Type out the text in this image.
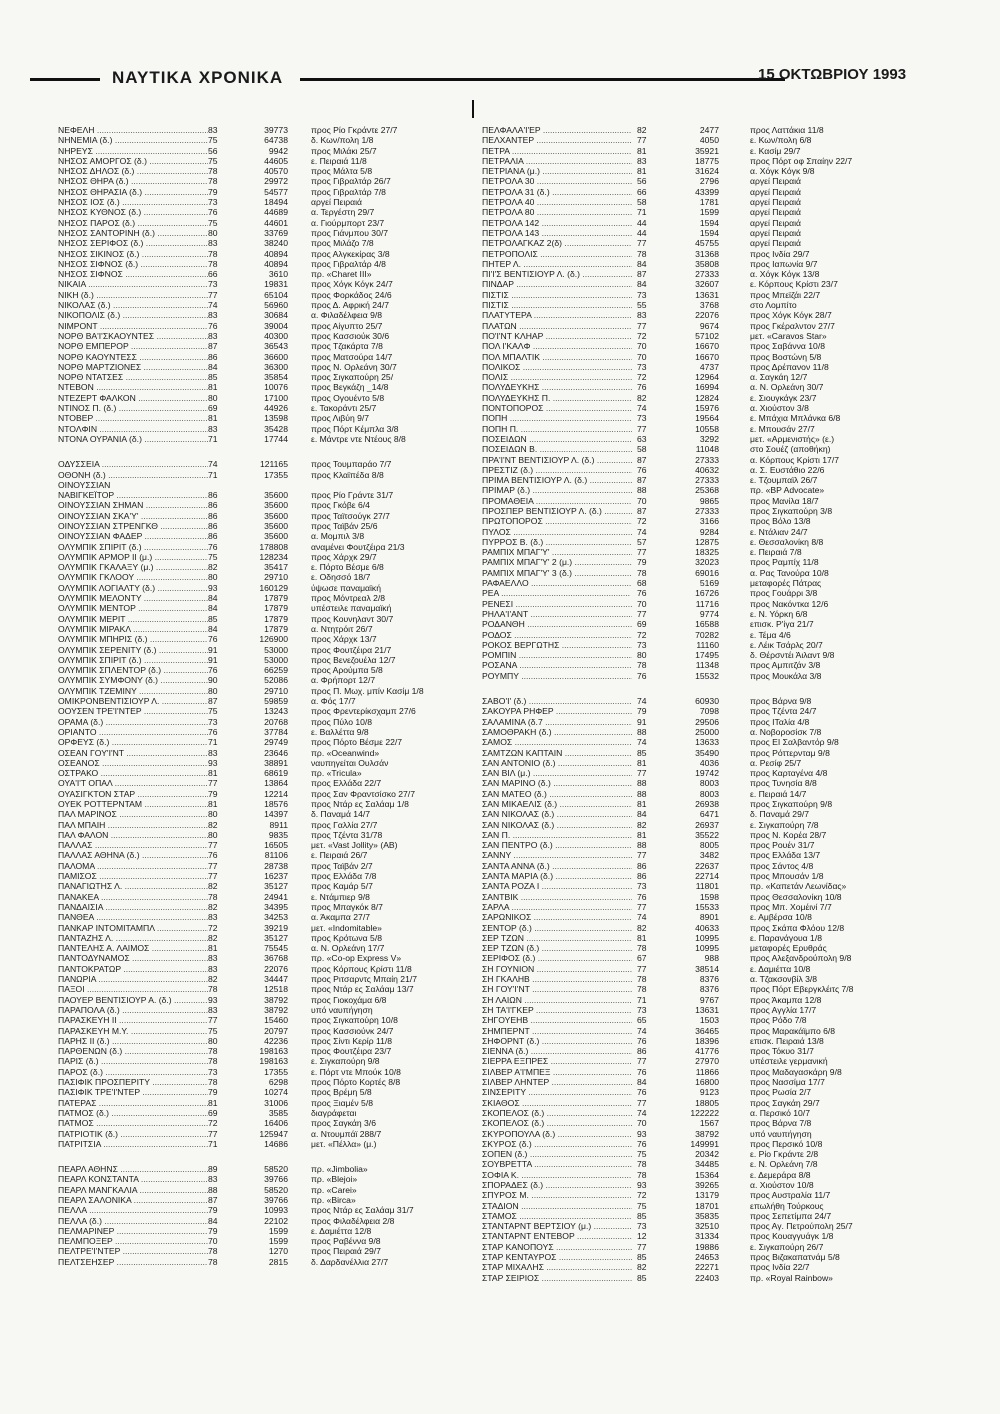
ΝΑΥΤΙΚΑ ΧΡΟΝΙΚΑ	15 ΟΚΤΩΒΡΙΟΥ 1993
ΝΕΦΕΛΗ .....	83	39773	προς Ρίο Γκράντε 27/7
ΝΗΝΕΜΙΑ (δ.) .....	75	64738	δ. Κων/πολη 1/8
ΝΗΡΕΥΣ .....	56	9942	προς Μιλάκι 25/7
ΝΗΣΟΣ ΑΜΟΡΓΟΣ (δ.) .....	75	44605	ε. Πειραιά 11/8
ΝΗΣΟΣ ΔΗΛΟΣ (δ.) .....	78	40570	προς Μάλτα 5/8
ΝΗΣΟΣ ΘΗΡΑ (δ.) .....	78	29972	προς Γιβραλτάρ 26/7
ΝΗΣΟΣ ΘΗΡΑΣΙΑ (δ.) .....	79	54577	προς Γιβραλτάρ 7/8
ΝΗΣΟΣ ΙΟΣ (δ.) .....	73	18494	αργεί Πειραιά
ΝΗΣΟΣ ΚΥΘΝΟΣ (δ.) .....	76	44689	α. Τεργέστη 29/7
ΝΗΣΟΣ ΠΑΡΟΣ (δ.) .....	75	44601	α. Γιούρμπορτ 23/7
ΝΗΣΟΣ ΣΑΝΤΟΡΙΝΗ (δ.) .....	80	33769	προς Γιάνμπου 30/7
ΝΗΣΟΣ ΣΕΡΙΦΟΣ (δ.) .....	83	38240	προς Μιλάζο 7/8
ΝΗΣΟΣ ΣΙΚΙΝΟΣ (δ.) .....	78	40894	προς Αλγκεκίρας 3/8
ΝΗΣΟΣ ΣΙΦΝΟΣ (δ.) .....	78	40894	προς Γιβραλτάρ 4/8
ΝΗΣΟΣ ΣΙΦΝΟΣ .....	66	3610	πρ. «Charet III»
ΝΙΚΑΙΑ .....	73	19831	προς Χόγκ Κόγκ 24/7
ΝΙΚΗ (δ.) .....	77	65104	προς Φορκάδος 24/6
ΝΙΚΟΛΑΣ (δ.) .....	74	56960	προς Δ. Αφρική 24/7
ΝΙΚΟΠΟΛΙΣ (δ.) .....	83	30684	α. Φιλαδέλφεια 9/8
ΝΙΜΡΟΝΤ .....	76	39004	προς Αίγυπτο 25/7
ΝΟΡΘ ΒΑ'Ι'ΣΚΑΟΥΝΤΕΣ .....	83	40300	προς Κασσιούκ 30/6
ΝΟΡΘ ΕΜΠΕΡΟΡ .....	87	36543	προς Τζακάρτα 7/8
ΝΟΡΘ ΚΑΟΥΝΤΕΣΣ .....	86	36600	προς Ματσούρα 14/7
ΝΟΡΘ ΜΑΡΤΖΙΟΝΕΣ .....	84	36300	προς Ν. Ορλεάνη 30/7
ΝΟΡΘ ΝΤΑΤΣΕΣ .....	85	35854	προς Σιγκαπούρη 25/
ΝΤΕΒΟΝ .....	81	10076	προς Βεγκάζη _14/8
ΝΤΕΖΕΡΤ ΦΑΛΚΟΝ .....	80	17100	προς Ογουέντο 5/8
ΝΤΙΝΟΣ Π. (δ.) .....	69	44926	ε. Τακοράντι 25/7
ΝΤΟΒΕΡ .....	81	13598	προς Λιβύη 9/7
ΝΤΟΛΦΙΝ .....	83	35428	προς Πόρτ Κέμπλα 3/8
ΝΤΟΝΑ ΟΥΡΑΝΙΑ (δ.) .....	71	17744	ε. Μάντρε ντε Ντέους 8/8
ΟΔΥΣΣΕΙΑ .....	74	121165	προς Τουμπαράο 7/7
ΟΘΟΝΗ (δ.) .....	71	17355	προς Κλαϊπέδα 8/8
ΟΙΝΟΥΣΣΙΑΝ
ΝΑΒΙΓΚΕΪΤΟΡ .....	86	35600	προς Ρίο Γράντε 31/7
ΟΙΝΟΥΣΣΙΑΝ ΣΗΜΑΝ .....	86	35600	προς Γκόβε 6/4
ΟΙΝΟΥΣΣΙΑΝ ΣΚΑ'Υ' .....	86	35600	προς Ταϊτσούγκ 27/7
ΟΙΝΟΥΣΣΙΑΝ ΣΤΡΕΝΓΚΘ .....	86	35600	προς Ταϊβάν 25/6
ΟΙΝΟΥΣΣΙΑΝ ΦΑΔΕΡ .....	86	35600	α. Μομπιλ 3/8
ΟΛΥΜΠΙΚ ΣΠΙΡΙΤ (δ.) .....	76	178808	αναμένει Φουτζέιρα 21/3
ΟΛΥΜΠΙΚ ΑΡΜΟΡ ΙΙ (μ.) .....	75	128234	προς Χάρχκ 29/7
ΟΛΥΜΠΙΚ ΓΚΑΛΑΞΥ (μ.) .....	82	35417	ε. Πόρτο Βέσμε 6/8
ΟΛΥΜΠΙΚ ΓΚΛΟΟΥ .....	80	29710	ε. Οδησσό 18/7
ΟΛΥΜΠΙΚ ΛΟΓΙΑΛΤΥ (δ.) .....	93	160129	ύψωσε παναμαϊκή
ΟΛΥΜΠΙΚ ΜΕΛΟΝΤΥ .....	84	17879	προς Μόντρεαλ 2/8
ΟΛΥΜΠΙΚ ΜΕΝΤΟΡ .....	84	17879	υπέστειλε παναμαϊκή
ΟΛΥΜΠΙΚ ΜΕΡΙΤ .....	85	17879	προς Κουνηλαντ 30/7
ΟΛΥΜΠΙΚ ΜΙΡΑΚΛ .....	84	17879	α. Ντητρόιτ 26/7
ΟΛΥΜΠΙΚ ΜΠΗΡΙΣ (δ.) .....	76	126900	προς Χάρχκ 13/7
ΟΛΥΜΠΙΚ ΣΕΡΕΝΙΤΥ (δ.) .....	91	53000	προς Φουτζέιρα 21/7
ΟΛΥΜΠΙΚ ΣΠΙΡΙΤ (δ.) .....	91	53000	προς Βενεζουέλα 12/7
ΟΛΥΜΠΙΚ ΣΠΛΕΝΤΟΡ (δ.) .....	76	66259	προς Αρούμπα 5/8
ΟΛΥΜΠΙΚ ΣΥΜΦΟΝΥ (δ.) .....	90	52086	α. Φρήπορτ 12/7
ΟΛΥΜΠΙΚ ΤΖΕΜΙΝΥ .....	80	29710	προς Π. Μωχ. μπίν Κασίμ 1/8
ΟΜΙΚΡΟΝΒΕΝΤΙΣΙΟΥΡ Λ. .....	87	59859	α. Φός 17/7
ΟΟΥΣΕΝ ΤΡΕ'Ι'ΝΤΕΡ .....	75	13243	προς Φρεντερίκσχαμπ 27/6
ΟΡΑΜΑ (δ.) .....	73	20768	προς Πύλο 10/8
ΟΡΙΑΝΤΟ .....	76	37784	ε. Βαλλέττα 9/8
ΟΡΦΕΥΣ (δ.) .....	71	29749	προς Πόρτο Βέσμε 22/7
ΟΣΕΑΝ ΓΟΥ'Ι'ΝΤ .....	83	23646	πρ. «Oceanwind»
ΟΣΕΑΝΟΣ .....	93	38891	ναυπηγείται Ουλσάν
ΟΣΤΡΑΚΟ .....	81	68619	πρ. «Tricula»
ΟΥΑ'Ι'Τ ΟΠΑΛ .....	77	13864	προς Ελλάδα 22/7
ΟΥΑΣΙΓΚΤΟΝ ΣΤΑΡ .....	79	12214	προς Σαν Φραντσίσκο 27/7
ΟΥΕΚ ΡΟΤΤΕΡΝΤΑΜ .....	81	18576	προς Ντάρ ες Σαλάαμ 1/8
ΠΑΛ ΜΑΡΙΝΟΣ .....	80	14397	δ. Παναμά 14/7
ΠΑΛ ΜΠΑΙΗ .....	82	8911	προς Γαλλία 27/7
ΠΑΛ ΦΑΛΟΝ .....	80	9835	προς Τζέντα 31/78
ΠΑΛΛΑΣ .....	77	16505	μετ. «Vast Jollity» (ΑΒ)
ΠΑΛΛΑΣ ΑΘΗΝΑ (δ.) .....	76	81106	ε. Πειραιά 26/7
ΠΑΛΟΜΑ .....	77	28738	προς Ταϊβάν 2/7
ΠΑΜΙΣΟΣ .....	77	16237	προς Ελλάδα 7/8
ΠΑΝΑΓΙΩΤΗΣ Λ. .....	82	35127	προς Καμάρ 5/7
ΠΑΝΑΚΕΑ .....	78	24941	ε. Ντάμπιερ 9/8
ΠΑΝΔΑΙΣΙΑ .....	82	34395	προς Μπαγκόκ 8/7
ΠΑΝΘΕΑ .....	83	34253	α. Άκαμπα 27/7
ΠΑΝΚΑΡ ΙΝΤΟΜΙΤΑΜΠΛ .....	72	39219	μετ. «Indomitable»
ΠΑΝΤΑΖΗΣ Λ. .....	82	35127	προς Κρότωνα 5/8
ΠΑΝΤΕΛΗΣ Α. ΛΑΙΜΟΣ .....	81	75545	α. Ν. Ορλεάνη 17/7
ΠΑΝΤΟΔΥΝΑΜΟΣ .....	83	36768	πρ. «Co-op Express V»
ΠΑΝΤΟΚΡΑΤΩΡ .....	83	22076	προς Κόρπους Κρίστι 11/8
ΠΑΝΩΡΙΑ .....	82	34447	προς Ριτσαρντς Μπαίη 21/7
ΠΑΞΟΙ .....	78	12518	προς Ντάρ ες Σαλάαμ 13/7
ΠΑΟΥΕΡ ΒΕΝΤΙΣΙΟΥΡ Α. (δ.) .....	93	38792	προς Γιοκοχάμα 6/8
ΠΑΡΑΠΟΛΑ (δ.) .....	83	38792	υπό ναυπήγηση
ΠΑΡΑΣΚΕΥΗ ΙΙ .....	77	15460	προς Σιγκαπούρη 10/8
ΠΑΡΑΣΚΕΥΗ Μ.Υ. .....	75	20797	προς Κασσιούνκ 24/7
ΠΑΡΗΣ ΙΙ (δ.) .....	80	42236	προς Σίντι Κερίρ 11/8
ΠΑΡΘΕΝΩΝ (δ.) .....	78	198163	προς Φουτζέιρα 23/7
ΠΑΡΙΣ (δ.) .....	78	198163	ε. Σιγκαπούρη 9/8
ΠΑΡΟΣ (δ.) .....	73	17355	ε. Πόρτ ντε Μπούκ 10/8
ΠΑΣΙΦΙΚ ΠΡΟΣΠΕΡΙΤΥ .....	78	6298	προς Πόρτο Κορτές 8/8
ΠΑΣΙΦΙΚ ΤΡΕ'Ι'ΝΤΕΡ .....	79	10274	προς Βρέμη 5/8
ΠΑΤΕΡΑΣ .....	81	31006	προς Ξιαμέν 5/8
ΠΑΤΜΟΣ (δ.) .....	69	3585	διαγράφεται
ΠΑΤΜΟΣ .....	72	16406	προς Σαγκάη 3/6
ΠΑΤΡΙΟΤΙΚ (δ.) .....	77	125947	α. Ντουμπάϊ 288/7
ΠΑΤΡΙΤΣΙΑ .....	71	14686	μετ. «Πέλλα» (μ.)
ΠΕΑΡΛ ΑΘΗΝΣ .....	89	58520	πρ. «Jimbolia»
ΠΕΑΡΛ ΚΟΝΣΤΑΝΤΑ .....	83	39766	πρ. «Blejoi»
ΠΕΑΡΛ ΜΑΝΓΚΑΛΙΑ .....	88	58520	πρ. «Carei»
ΠΕΑΡΛ ΣΑΛΟΝΙΚΑ .....	87	39766	πρ. «Birca»
ΠΕΛΛΑ .....	79	10993	προς Ντάρ ες Σαλάαμ 31/7
ΠΕΛΛΑ (δ.) .....	84	22102	προς Φιλαδέλφεια 2/8
ΠΕΛΜΑΡΙΝΕΡ .....	79	1599	ε. Δαμιέττα 12/8
ΠΕΛΜΠΟΞΕΡ .....	70	1599	προς Ραβέννα 9/8
ΠΕΛΤΡΕ'Ι'ΝΤΕΡ .....	78	1270	προς Πειραιά 29/7
ΠΕΛΤΣΕΗΣΕΡ .....	78	2815	δ. Δαρδανέλλια 27/7
ΠΕΛΦΑΛΑ'Ι'ΕΡ .....	82	2477	προς Λαττάκια 11/8
ΠΕΛΧΑΝΤΕΡ .....	77	4050	ε. Κων/πολη 6/8
ΠΕΤΡΑ .....	81	35921	ε. Κασίμ 29/7
ΠΕΤΡΑΛΙΑ .....	83	18775	προς Πόρτ οφ Σπαίην 22/7
ΠΕΤΡΙΑΝΑ (μ.) .....	81	31624	α. Χόγκ Κόγκ 9/8
ΠΕΤΡΟΛΑ 30 .....	56	2796	αργεί Πειραιά
ΠΕΤΡΟΛΑ 31 (δ.) .....	66	43399	αργεί Πειραιά
ΠΕΤΡΟΛΑ 40 .....	58	1781	αργεί Πειραιά
ΠΕΤΡΟΛΑ 80 .....	71	1599	αργεί Πειραιά
ΠΕΤΡΟΛΑ 142 .....	44	1594	αργεί Πειραιά
ΠΕΤΡΟΛΑ 143 .....	44	1594	αργεί Πειραιά
ΠΕΤΡΟΛΑΓΚΑΖ 2(δ) .....	77	45755	αργεί Πειραιά
ΠΕΤΡΟΠΟΛΙΣ .....	78	31368	προς Ινδία 29/7
ΠΗΤΕΡ Λ. .....	84	35808	προς Ιαπωνία 9/7
ΠΙ'Ι'Σ ΒΕΝΤΙΣΙΟΥΡ Λ. (δ.) .....	87	27333	α. Χόγκ Κόγκ 13/8
ΠΙΝΔΑΡ .....	84	32607	ε. Κόρπους Κρίστι 23/7
ΠΙΣΤΙΣ .....	73	13631	προς Μπεϊζάι 22/7
ΠΙΣΤΙΣ .....	55	3768	στο Λομπίτο
ΠΛΑΤΥΤΕΡΑ .....	83	22076	προς Χόγκ Κόγκ 28/7
ΠΛΑΤΩΝ .....	77	9674	προς Γκέραλντον 27/7
ΠΟ'Ι'ΝΤ ΚΛΗΑΡ .....	72	57102	μετ. «Caravos Star»
ΠΟΛ Ι'ΚΑΛΦ .....	70	16670	προς Σαβάννα 10/8
ΠΟΛ ΜΠΑΛΤΙΚ .....	70	16670	προς Βοστώνη 5/8
ΠΟΛΙΚΟΣ .....	73	4737	προς Δρέπανον 11/8
ΠΟΛΙΣ .....	72	12964	α. Σαγκάη 12/7
ΠΟΛΥΔΕΥΚΗΣ .....	76	16994	α. Ν. Ορλεάνη 30/7
ΠΟΛΥΔΕΥΚΗΣ Π. .....	82	12824	ε. Σιουγκάγκ 23/7
ΠΟΝΤΟΠΟΡΟΣ .....	74	15976	α. Χιούστον 3/8
ΠΟΠΗ .....	73	19564	ε. Μπάχια Μπλάνκα 6/8
ΠΟΠΗ Π. .....	77	10558	ε. Μπουσάν 27/7
ΠΟΣΕΙΔΩΝ .....	63	3292	μετ. «Αρμενιστής» (ε.)
ΠΟΣΕΙΔΩΝ Β. .....	58	11048	στο Σουέζ (αποθήκη)
ΠΡΑ'Ι'ΝΤ ΒΕΝΤΙΣΙΟΥΡ Λ. (δ.) .....	87	27333	α. Κόρπους Κρίστι 17/7
ΠΡΕΣΤΙΖ (δ.) .....	76	40632	α. Σ. Ευστάθιο 22/6
ΠΡΙΜΑ ΒΕΝΤΙΣΙΟΥΡ Λ. (δ.) .....	87	27333	ε. Τζουμπαϊλ 26/7
ΠΡΙΜΑΡ (δ.) .....	88	25368	πρ. «BP Advocate»
ΠΡΟΜΑΘΕΙΑ .....	70	9865	προς Μανίλα 18/7
ΠΡΟΣΠΕΡ ΒΕΝΤΙΣΙΟΥΡ Λ. (δ.) .....	87	27333	προς Σιγκαπούρη 3/8
ΠΡΩΤΟΠΟΡΟΣ .....	72	3166	προς Βόλο 13/8
ΠΥΛΟΣ .....	74	9284	ε. Ντάλιαν 24/7
ΠΥΡΡΟΣ Β. (δ.) .....	57	12875	ε. Θεσσαλονίκη 8/8
ΡΑΜΠΙΧ ΜΠΑΓ'Υ' .....	77	18325	ε. Πειραιά 7/8
ΡΑΜΠΙΧ ΜΠΑΓ'Υ' 2 (μ.) .....	79	32023	προς Ραμπίχ 11/8
ΡΑΜΠΙΧ ΜΠΑΓ'Υ' 3 (δ.) .....	78	69016	α. Ρας Τανούρα 10/8
ΡΑΦΑΕΛΛΟ .....	68	5169	μεταφορές Πάτρας
ΡΕΑ .....	76	16726	προς Γουάρρι 3/8
ΡΕΝΕΣΙ .....	70	11716	προς Νακόντκα 12/6
ΡΗΛΑ'Ι'ΑΝΤ .....	77	9774	ε. Ν. Υόρκη 6/8
ΡΟΔΑΝΘΗ .....	69	16588	επισκ. Ρ'ίγα 21/7
ΡΟΔΟΣ .....	72	70282	ε. Τέμα 4/6
ΡΟΚΟΣ ΒΕΡΓΩΤΗΣ .....	73	11160	ε. Λέικ Τσάρλς 20/7
ΡΟΜΠΙΝ .....	80	17495	δ. Θέρσντέι Άιλαντ 9/8
ΡΟΣΑΝΑ .....	78	11348	προς Αμπιτζάν 3/8
ΡΟΥΜΠΥ .....	76	15532	προς Μουκάλα 3/8
ΣΑΒΟ'Ι' (δ.) .....	74	60930	προς Βάρνα 9/8
ΣΑΚΟΥΡΑ ΡΗΦΕΡ .....	79	7098	προς Τζέντα 24/7
ΣΑΛΑΜΙΝΑ (δ.7 .....	91	29506	προς ΙΤαλία 4/8
ΣΑΜΟΘΡΑΚΗ (δ.) .....	88	25000	α. Νοβοροσίσκ 7/8
ΣΑΜΟΣ .....	74	13633	προς ΕΙ Σαλβαντόρ 9/8
ΣΑΜΤΖΩΝ ΚΑΠΤΑΙΝ .....	85	35490	προς Ρόττερνταμ 9/8
ΣΑΝ ΑΝΤΟΝΙΟ (δ.) .....	81	4036	α. Ρεσίφ 25/7
ΣΑΝ ΒΙΛ (μ.) .....	77	19742	προς Καρταγένα 4/8
ΣΑΝ ΜΑΡΙΝΟ (δ.) .....	88	8003	προς Τυνησία 8/8
ΣΑΝ ΜΑΤΕΟ (δ.) .....	88	8003	ε. Πειραιά 14/7
ΣΑΝ ΜΙΚΑΕΛΙΣ (δ.) .....	81	26938	προς Σιγκαπούρη 9/8
ΣΑΝ ΝΙΚΟΛΑΣ (δ.) .....	84	6471	δ. Παναμά 29/7
ΣΑΝ ΝΙΚΟΛΑΣ (δ.) .....	82	26937	ε. Σιγκαπούρη 7/8
ΣΑΝ Π. .....	81	35522	προς Ν. Κορέα 28/7
ΣΑΝ ΠΕΝΤΡΟ (δ.) .....	88	8005	προς Ρουέν 31/7
ΣΑΝΝΥ .....	77	3482	προς Ελλάδα 13/7
ΣΑΝΤΑ ΑΝΝΑ (δ.) .....	86	22637	προς Σάντος 4/8
ΣΑΝΤΑ ΜΑΡΙΑ (δ.) .....	86	22714	προς Μπουσάν 1/8
ΣΑΝΤΑ ΡΟΖΑ Ι .....	73	11801	πρ. «Καπετάν Λεωνίδας»
ΣΑΝΤΒΙΚ .....	76	1598	προς Θεσσαλονίκη 10/8
ΣΑΡΛΑ .....	77	15533	προς Μπ. Χομέινί 7/7
ΣΑΡΩΝΙΚΟΣ .....	74	8901	ε. Αμβέρσα 10/8
ΣΕΝΤΟΡ (δ.) .....	82	40633	προς Σκάπα Φλόου 12/8
ΣΕΡ ΤΖΩΝ .....	81	10995	ε. Παρανάγουα 1/8
ΣΕΡ ΤΖΩΝ (δ.) .....	78	10995	μεταφορές Ερυθράς
ΣΕΡΙΦΟΣ (δ.) .....	67	988	προς Αλεξανδρούπολη 9/8
ΣΗ ΓΟΥΝΙΟΝ .....	77	38514	ε. Δαμιέττα 10/8
ΣΗ ΓΚΑΛΗΒ .....	78	8376	α. Τζακσονβίλ 3/8
ΣΗ ΓΟΥ'Ι'ΝΤ .....	78	8376	προς Πόρτ Εβεργκλέιτς 7/8
ΣΗ ΛΑΙΩΝ .....	71	9767	προς Άκαμπα 12/8
ΣΗ ΤΑ'Ι'ΓΚΕΡ .....	73	13631	προς Αγγλία 17/7
ΣΗΓΟΥΕΗΒ .....	65	1503	προς Ρόδο 7/8
ΣΗΜΠΕΡΝΤ .....	74	36465	προς Μαρακάϊμπο 6/8
ΣΗΦΟΡΝΤ (δ.) .....	76	18396	επισκ. Πειραιά 13/8
ΣΙΕΝΝΑ (δ.) .....	86	41776	προς Τόκυο 31/7
ΣΙΕΡΡΑ ΕΞΠΡΕΣ .....	77	27970	υπέστειλε γερμανική
ΣΙΛΒΕΡ Α'Ι'ΜΠΕΞ .....	76	11866	προς Μαδαγασκάρη 9/8
ΣΙΛΒΕΡ ΛΗΝΤΕΡ .....	84	16800	προς Νασσίμα 17/7
ΣΙΝΣΕΡΙΤΥ .....	76	9123	προς Ρωσία 2/7
ΣΚΙΑΘΟΣ .....	77	18805	προς Σαγκάη 29/7
ΣΚΟΠΕΛΟΣ (δ.) .....	74	122222	α. Περσικό 10/7
ΣΚΟΠΕΛΟΣ (δ.) .....	70	1567	προς Βάρνα 7/8
ΣΚΥΡΟΠΟΥΛΑ (δ.) .....	93	38792	υπό ναυπήγηση
ΣΚΥΡΟΣ (δ.) .....	76	149991	προς Περσικό 10/8
ΣΟΠΕΝ (δ.) .....	75	20342	ε. Ρίο Γκράντε 2/8
ΣΟΥΒΡΕΤΤΑ .....	78	34485	ε. Ν. Ορλεάνη 7/8
ΣΟΦΙΑ Κ. .....	78	15364	ε. Δεμεράρα 8/8
ΣΠΟΡΑΔΕΣ (δ.) .....	93	39265	α. Χιούστον 10/8
ΣΠΥΡΟΣ Μ. .....	72	13179	προς Αυστραλία 11/7
ΣΤΑΔΙΟΝ .....	75	18701	επωλήθη Τούρκους
ΣΤΑΜΟΣ .....	85	35835	προς Σεπετίμπα 24/7
ΣΤΑΝΤΑΡΝΤ ΒΕΡΤΣΙΟΥ (μ.) .....	73	32510	προς Αγ. Πετρούπολη 25/7
ΣΤΑΝΤΑΡΝΤ ΕΝΤΕΒΟΡ .....	12	31334	προς Κουαγγυάγκ 1/8
ΣΤΑΡ ΚΑΝΟΠΟΥΣ .....	77	19886	ε. Σιγκαπούρη 26/7
ΣΤΑΡ ΚΕΝΤΑΥΡΟΣ .....	85	24653	προς Βιζακαπατνάμ 5/8
ΣΤΑΡ ΜΙΧΑΛΗΣ .....	82	22271	προς Ινδία 22/7
ΣΤΑΡ ΣΕΙΡΙΟΣ .....	85	22403	πρ. «Royal Rainbow»
